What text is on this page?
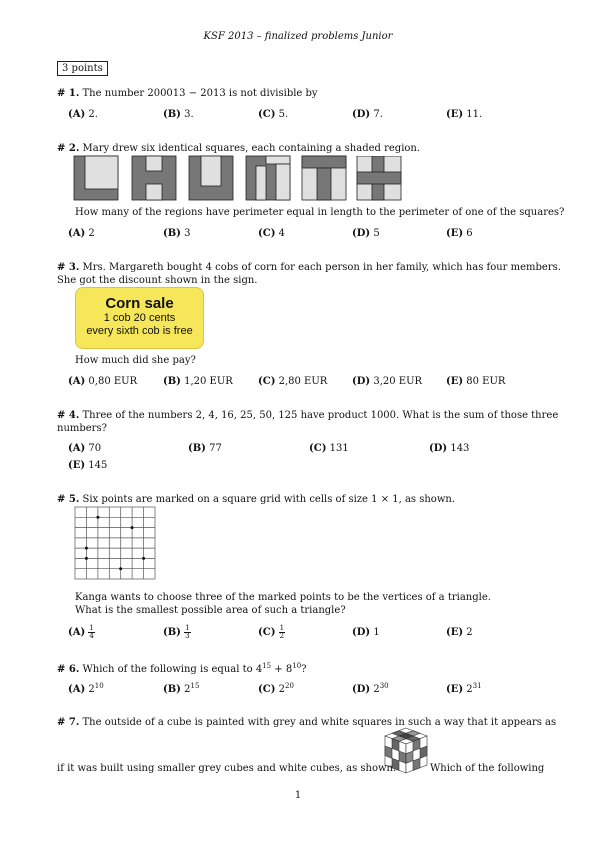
KSF 2013 – finalized problems Junior
3 points
# 1. The number 200013 − 2013 is not divisible by
(A) 2.	(B) 3.	(C) 5.	(D) 7.	(E) 11.
# 2. Mary drew six identical squares, each containing a shaded region.
How many of the regions have perimeter equal in length to the perimeter of one of the squares?
(A) 2	(B) 3	(C) 4	(D) 5	(E) 6
# 3. Mrs. Margareth bought 4 cobs of corn for each person in her family, which has four members.
She got the discount shown in the sign.
Corn sale
1 cob 20 cents
every sixth cob is free
How much did she pay?
(A) 0,80 EUR	(B) 1,20 EUR	(C) 2,80 EUR (D) 3,20 EUR (E) 80 EUR
# 4. Three of the numbers 2, 4, 16, 25, 50, 125 have product 1000. What is the sum of those three
numbers?
(A) 70	(B) 77	(C) 131	(D) 143
(E) 145
# 5. Six points are marked on a square grid with cells of size 1 × 1, as shown.
Kanga wants to choose three of the marked points to be the vertices of a triangle.
What is the smallest possible area of such a triangle?
$(A) \frac{1}{4}$	$(B) \frac{1}{3}$	$(C) \frac{1}{2}$	(D) 1	(E) 2
# 6. Which of the following is equal to $4^{15} + 8^{10}$?
(A) $2^{10}$	(B) $2^{15}$	(C) $2^{20}$	(D) $2^{30}$	(E) $2^{31}$
# 7. The outside of a cube is painted with grey and white squares in such a way that it appears as
if it was built using smaller grey cubes and white cubes, as shown.	Which of the following
1
